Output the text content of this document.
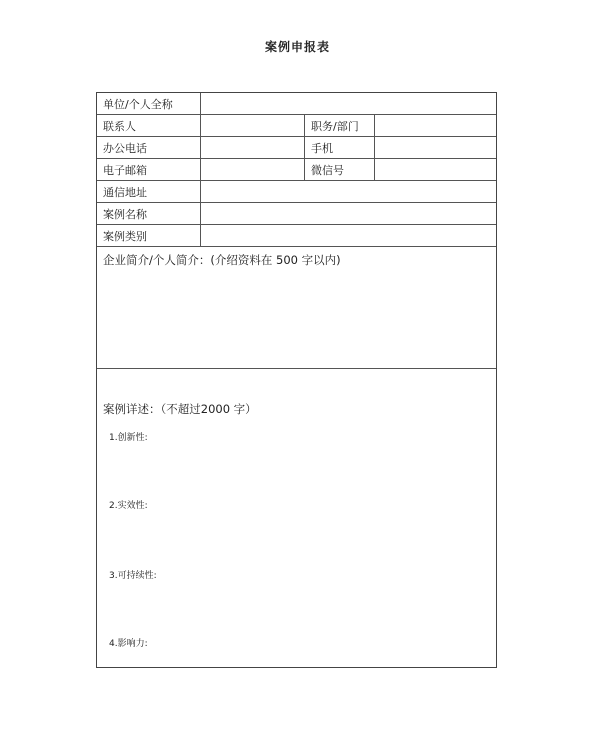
案例申报表
单位/个人全称
联系人	职务/部门
办公电话	手机
电子邮箱	微信号
通信地址
案例名称
案例类别
企业简介/个人简介：(介绍资料在 500 字以内)
案例详述：（不超过2000 字）
1.创新性:
2.实效性:
3.可持续性:
4.影响力:
